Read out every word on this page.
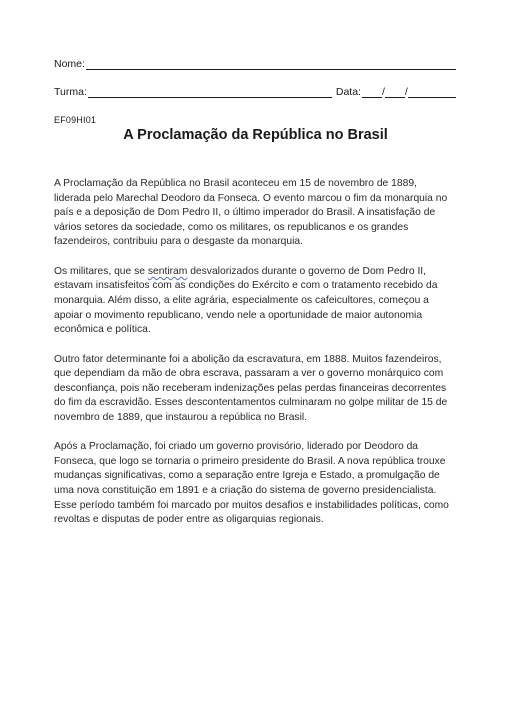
Nome:
Turma:	Data: / /
EF09HI01
A Proclamação da República no Brasil

A Proclamação da República no Brasil aconteceu em 15 de novembro de 1889, liderada pelo Marechal Deodoro da Fonseca. O evento marcou o fim da monarquia no país e a deposição de Dom Pedro II, o último imperador do Brasil. A insatisfação de vários setores da sociedade, como os militares, os republicanos e os grandes fazendeiros, contribuiu para o desgaste da monarquia.

Os militares, que se sentiram desvalorizados durante o governo de Dom Pedro II, estavam insatisfeitos com as condições do Exército e com o tratamento recebido da monarquia. Além disso, a elite agrária, especialmente os cafeicultores, começou a apoiar o movimento republicano, vendo nele a oportunidade de maior autonomia econômica e política.

Outro fator determinante foi a abolição da escravatura, em 1888. Muitos fazendeiros, que dependiam da mão de obra escrava, passaram a ver o governo monárquico com desconfiança, pois não receberam indenizações pelas perdas financeiras decorrentes do fim da escravidão. Esses descontentamentos culminaram no golpe militar de 15 de novembro de 1889, que instaurou a república no Brasil.

Após a Proclamação, foi criado um governo provisório, liderado por Deodoro da Fonseca, que logo se tornaria o primeiro presidente do Brasil. A nova república trouxe mudanças significativas, como a separação entre Igreja e Estado, a promulgação de uma nova constituição em 1891 e a criação do sistema de governo presidencialista. Esse período também foi marcado por muitos desafios e instabilidades políticas, como revoltas e disputas de poder entre as oligarquias regionais.
